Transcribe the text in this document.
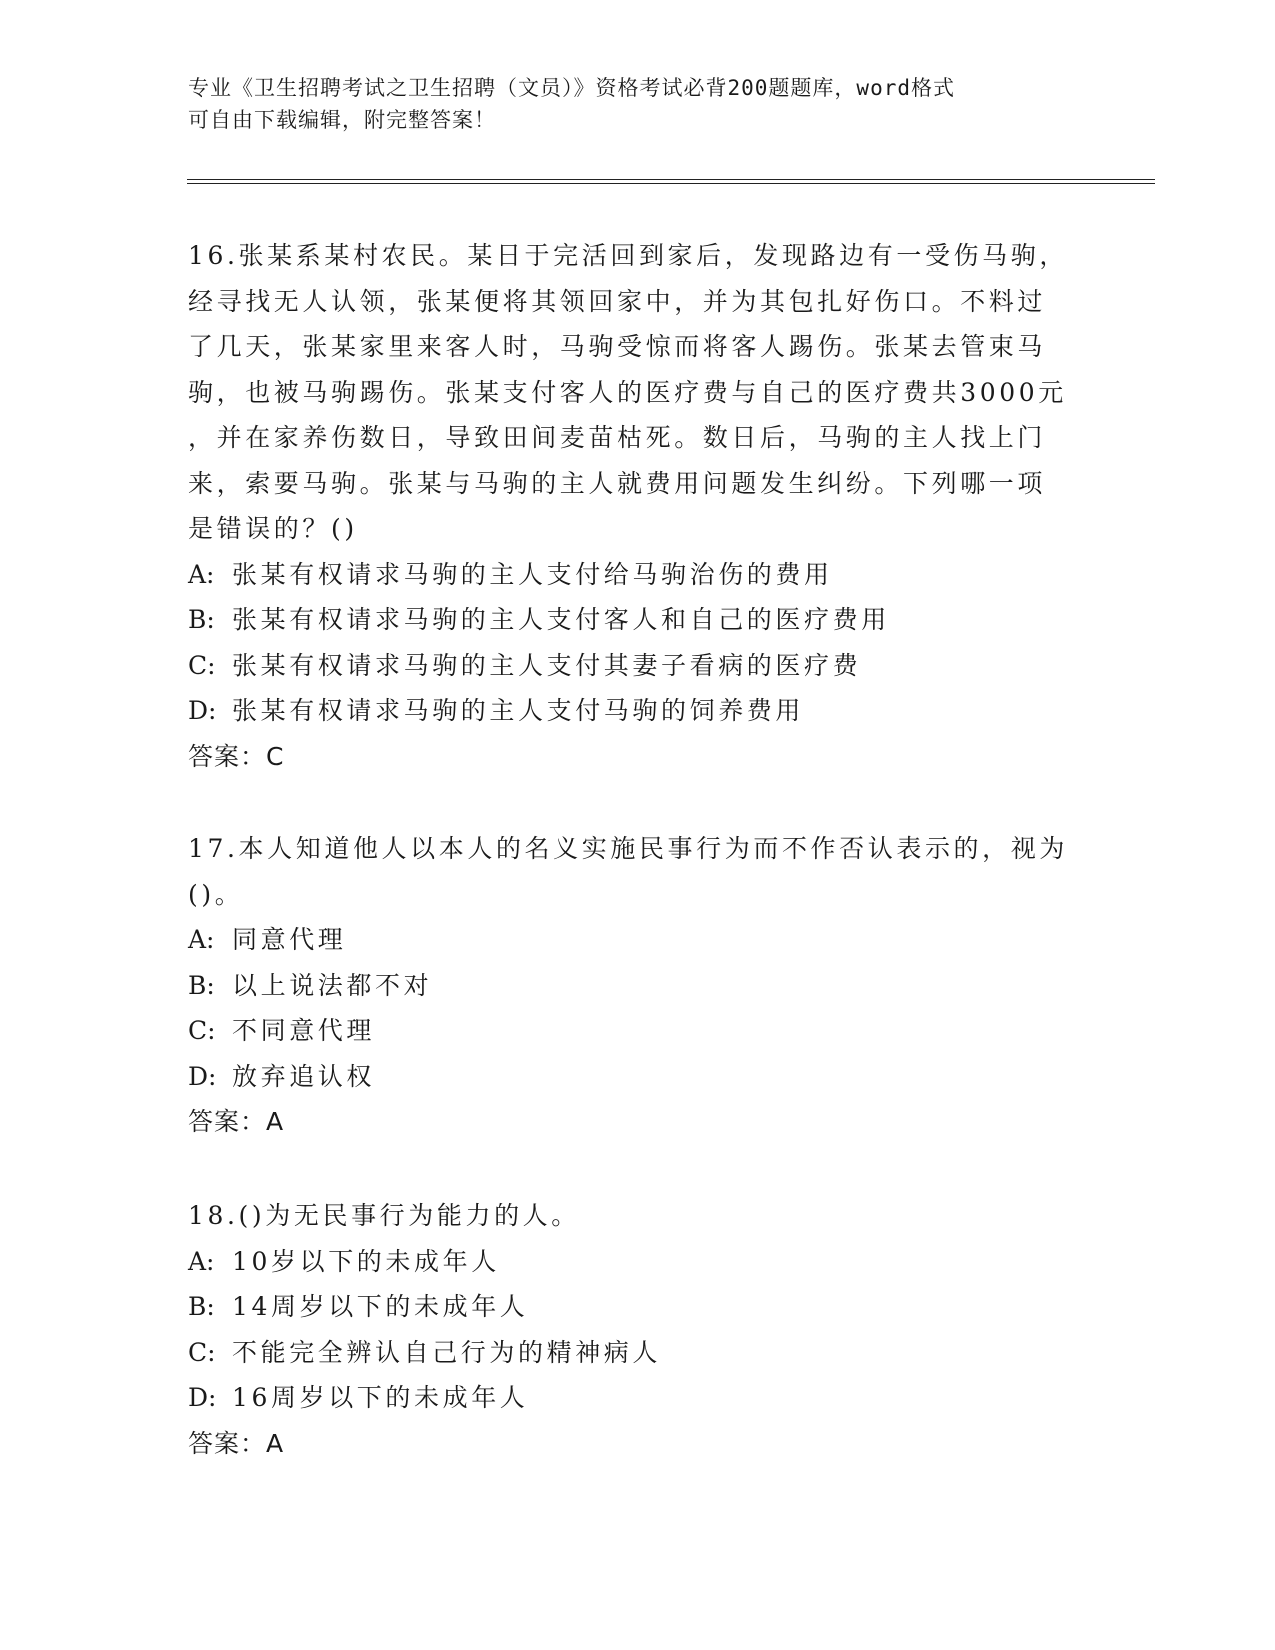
专业《卫生招聘考试之卫生招聘（文员）》资格考试必背200题题库，word格式
可自由下载编辑，附完整答案！
16.张某系某村农民。某日于完活回到家后，发现路边有一受伤马驹，
经寻找无人认领，张某便将其领回家中，并为其包扎好伤口。不料过
了几天，张某家里来客人时，马驹受惊而将客人踢伤。张某去管束马
驹，也被马驹踢伤。张某支付客人的医疗费与自己的医疗费共3000元
，并在家养伤数日，导致田间麦苗枯死。数日后，马驹的主人找上门
来，索要马驹。张某与马驹的主人就费用问题发生纠纷。下列哪一项
是错误的？()
A: 张某有权请求马驹的主人支付给马驹治伤的费用
B: 张某有权请求马驹的主人支付客人和自己的医疗费用
C: 张某有权请求马驹的主人支付其妻子看病的医疗费
D: 张某有权请求马驹的主人支付马驹的饲养费用
答案：C
17.本人知道他人以本人的名义实施民事行为而不作否认表示的，视为
()。
A: 同意代理
B: 以上说法都不对
C: 不同意代理
D: 放弃追认权
答案：A
18.()为无民事行为能力的人。
A: 10岁以下的未成年人
B: 14周岁以下的未成年人
C: 不能完全辨认自己行为的精神病人
D: 16周岁以下的未成年人
答案：A
